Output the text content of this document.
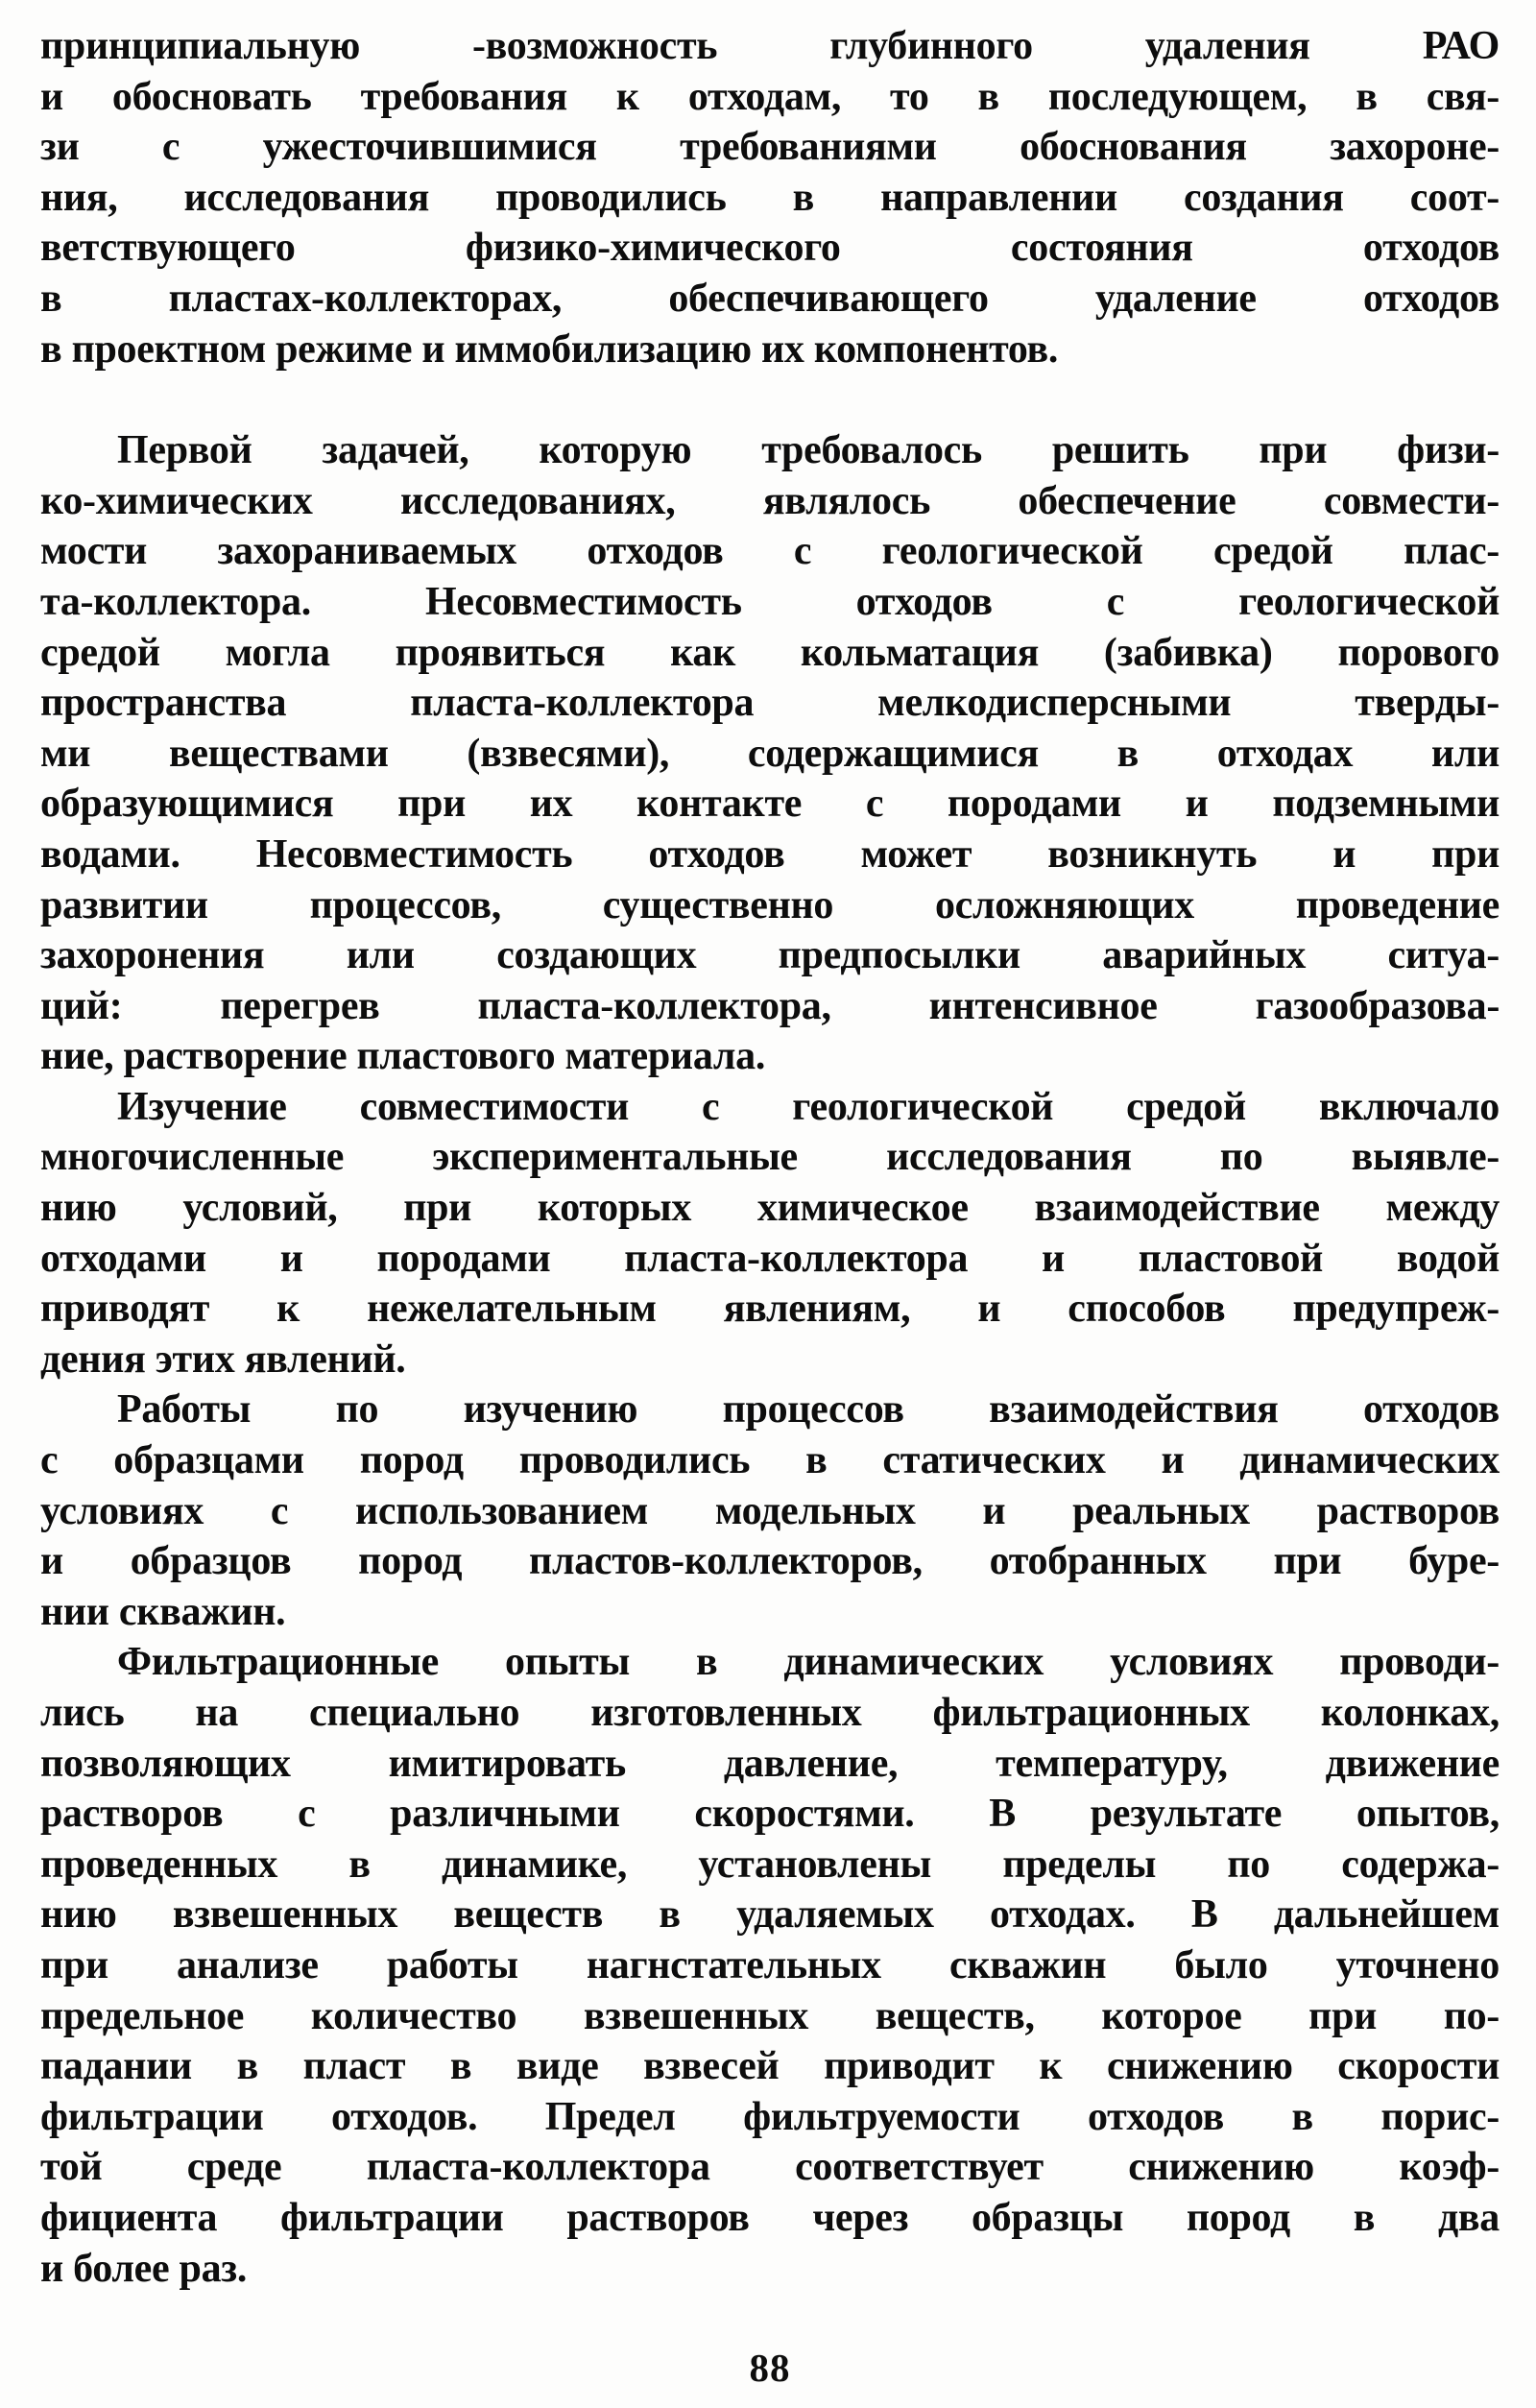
принципиальную -возможность глубинного удаления РАО
и обосновать требования к отходам, то в последующем, в свя-
зи с ужесточившимися требованиями обоснования захороне-
ния, исследования проводились в направлении создания соот-
ветствующего физико-химического состояния отходов
в пластах-коллекторах, обеспечивающего удаление отходов
в проектном режиме и иммобилизацию их компонентов.
Первой задачей, которую требовалось решить при физи-
ко-химических исследованиях, являлось обеспечение совмести-
мости захораниваемых отходов с геологической средой плас-
та-коллектора. Несовместимость отходов с геологической
средой могла проявиться как кольматация (забивка) порового
пространства пласта-коллектора мелкодисперсными тверды-
ми веществами (взвесями), содержащимися в отходах или
образующимися при их контакте с породами и подземными
водами. Несовместимость отходов может возникнуть и при
развитии процессов, существенно осложняющих проведение
захоронения или создающих предпосылки аварийных ситуа-
ций: перегрев пласта-коллектора, интенсивное газообразова-
ние, растворение пластового материала.
Изучение совместимости с геологической средой включало
многочисленные экспериментальные исследования по выявле-
нию условий, при которых химическое взаимодействие между
отходами и породами пласта-коллектора и пластовой водой
приводят к нежелательным явлениям, и способов предупреж-
дения этих явлений.
Работы по изучению процессов взаимодействия отходов
с образцами пород проводились в статических и динамических
условиях с использованием модельных и реальных растворов
и образцов пород пластов-коллекторов, отобранных при буре-
нии скважин.
Фильтрационные опыты в динамических условиях проводи-
лись на специально изготовленных фильтрационных колонках,
позволяющих имитировать давление, температуру, движение
растворов с различными скоростями. В результате опытов,
проведенных в динамике, установлены пределы по содержа-
нию взвешенных веществ в удаляемых отходах. В дальнейшем
при анализе работы нагнстательных скважин было уточнено
предельное количество взвешенных веществ, которое при по-
падании в пласт в виде взвесей приводит к снижению скорости
фильтрации отходов. Предел фильтруемости отходов в порис-
той среде пласта-коллектора соответствует снижению коэф-
фициента фильтрации растворов через образцы пород в два
и более раз.
88
